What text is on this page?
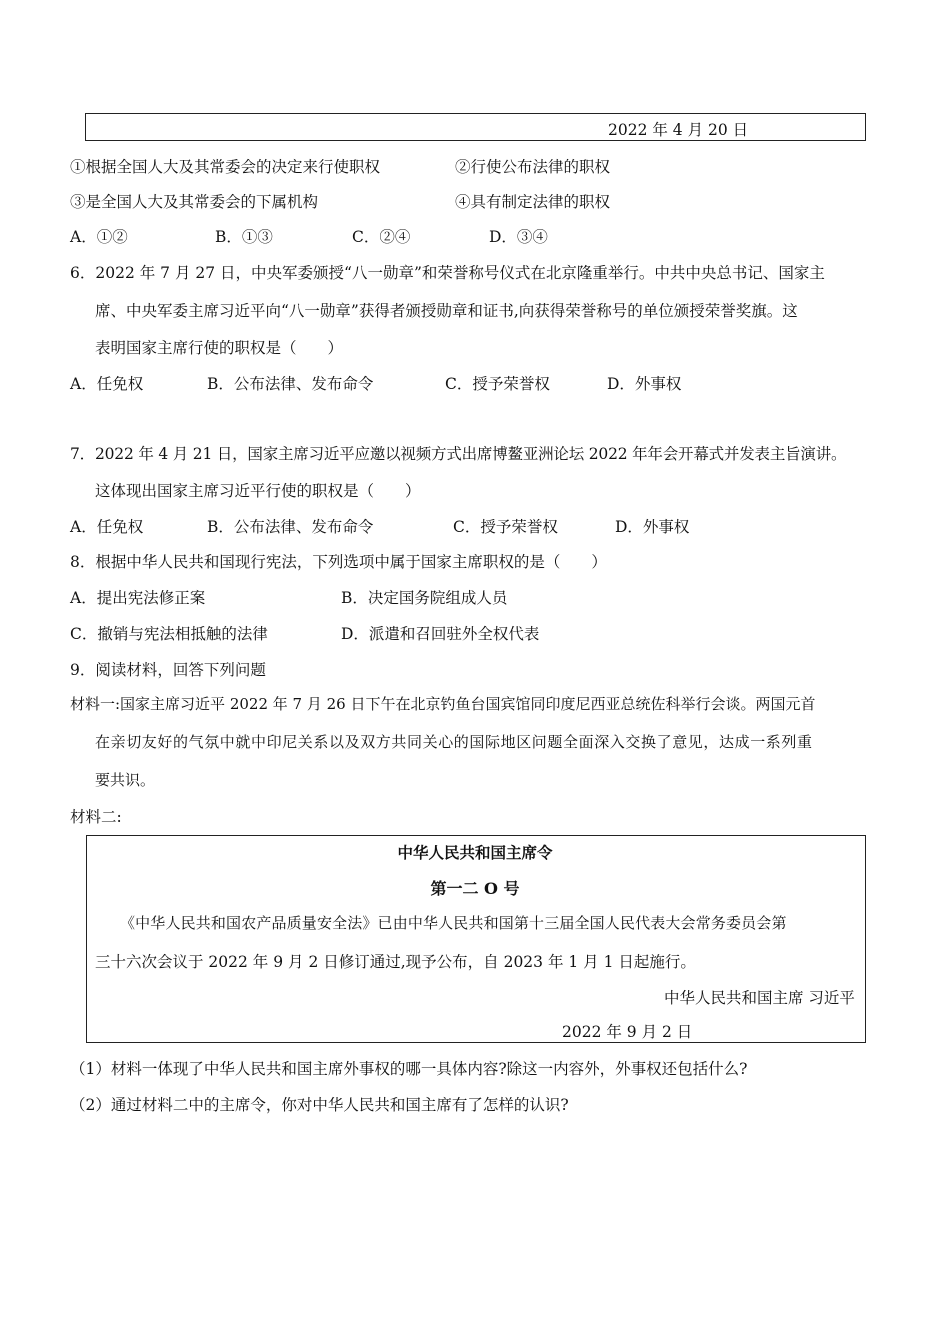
2022 年 4 月 20 日
①根据全国人大及其常委会的决定来行使职权	②行使公布法律的职权
③是全国人大及其常委会的下属机构	④具有制定法律的职权
A．①②	B．①③	C．②④	D．③④
6．2022 年 7 月 27 日，中央军委颁授“八一勋章”和荣誉称号仪式在北京隆重举行。中共中央总书记、国家主
席、中央军委主席习近平向“八一勋章”获得者颁授勋章和证书,向获得荣誉称号的单位颁授荣誉奖旗。这
表明国家主席行使的职权是（　　）
A．任免权	B．公布法律、发布命令	C．授予荣誉权	D．外事权
7．2022 年 4 月 21 日，国家主席习近平应邀以视频方式出席博鳌亚洲论坛 2022 年年会开幕式并发表主旨演讲。
这体现出国家主席习近平行使的职权是（　　）
A．任免权	B．公布法律、发布命令	C．授予荣誉权	D．外事权
8．根据中华人民共和国现行宪法，下列选项中属于国家主席职权的是（　　）
A．提出宪法修正案	B．决定国务院组成人员
C．撤销与宪法相抵触的法律	D．派遣和召回驻外全权代表
9．阅读材料，回答下列问题
材料一:国家主席习近平 2022 年 7 月 26 日下午在北京钓鱼台国宾馆同印度尼西亚总统佐科举行会谈。两国元首
在亲切友好的气氛中就中印尼关系以及双方共同关心的国际地区问题全面深入交换了意见，达成一系列重
要共识。
材料二:
中华人民共和国主席令
第一二 O 号
《中华人民共和国农产品质量安全法》已由中华人民共和国第十三届全国人民代表大会常务委员会第
三十六次会议于 2022 年 9 月 2 日修订通过,现予公布，自 2023 年 1 月 1 日起施行。
中华人民共和国主席 习近平
2022 年 9 月 2 日
（1）材料一体现了中华人民共和国主席外事权的哪一具体内容?除这一内容外，外事权还包括什么?
（2）通过材料二中的主席令，你对中华人民共和国主席有了怎样的认识?
